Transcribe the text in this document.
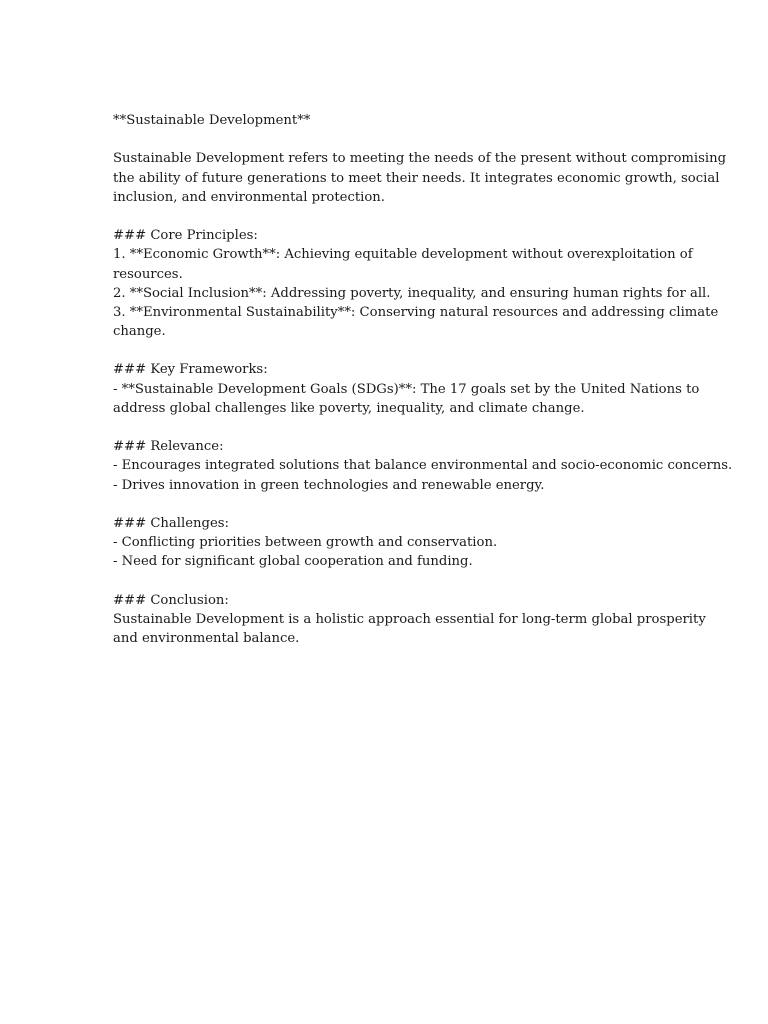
**Sustainable Development**
Sustainable Development refers to meeting the needs of the present without compromising
the ability of future generations to meet their needs. It integrates economic growth, social
inclusion, and environmental protection.
### Core Principles:
1. **Economic Growth**: Achieving equitable development without overexploitation of
resources.
2. **Social Inclusion**: Addressing poverty, inequality, and ensuring human rights for all.
3. **Environmental Sustainability**: Conserving natural resources and addressing climate
change.
### Key Frameworks:
- **Sustainable Development Goals (SDGs)**: The 17 goals set by the United Nations to
address global challenges like poverty, inequality, and climate change.
### Relevance:
- Encourages integrated solutions that balance environmental and socio-economic concerns.
- Drives innovation in green technologies and renewable energy.
### Challenges:
- Conflicting priorities between growth and conservation.
- Need for significant global cooperation and funding.
### Conclusion:
Sustainable Development is a holistic approach essential for long-term global prosperity
and environmental balance.
